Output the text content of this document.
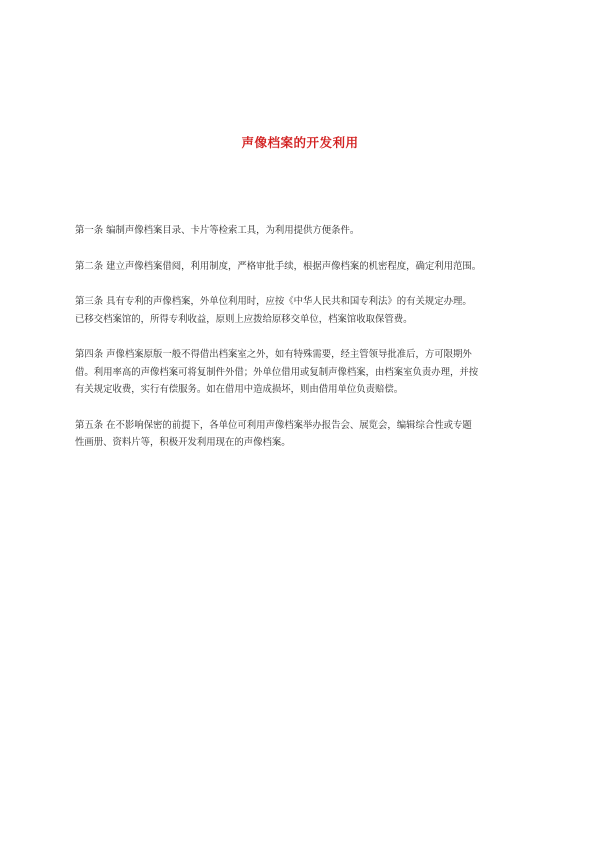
声像档案的开发利用

第一条 编制声像档案目录、卡片等检索工具，为利用提供方便条件。

第二条 建立声像档案借阅，利用制度，严格审批手续，根据声像档案的机密程度，确定利用范围。

第三条 具有专利的声像档案，外单位利用时，应按《中华人民共和国专利法》的有关规定办理。
已移交档案馆的，所得专利收益，原则上应拨给原移交单位，档案馆收取保管费。

第四条 声像档案原版一般不得借出档案室之外，如有特殊需要，经主管领导批准后，方可限期外
借。利用率高的声像档案可将复制件外借；外单位借用或复制声像档案，由档案室负责办理，并按
有关规定收费，实行有偿服务。如在借用中造成损坏，则由借用单位负责赔偿。

第五条 在不影响保密的前提下，各单位可利用声像档案举办报告会、展览会，编辑综合性或专题
性画册、资料片等，积极开发利用现在的声像档案。
